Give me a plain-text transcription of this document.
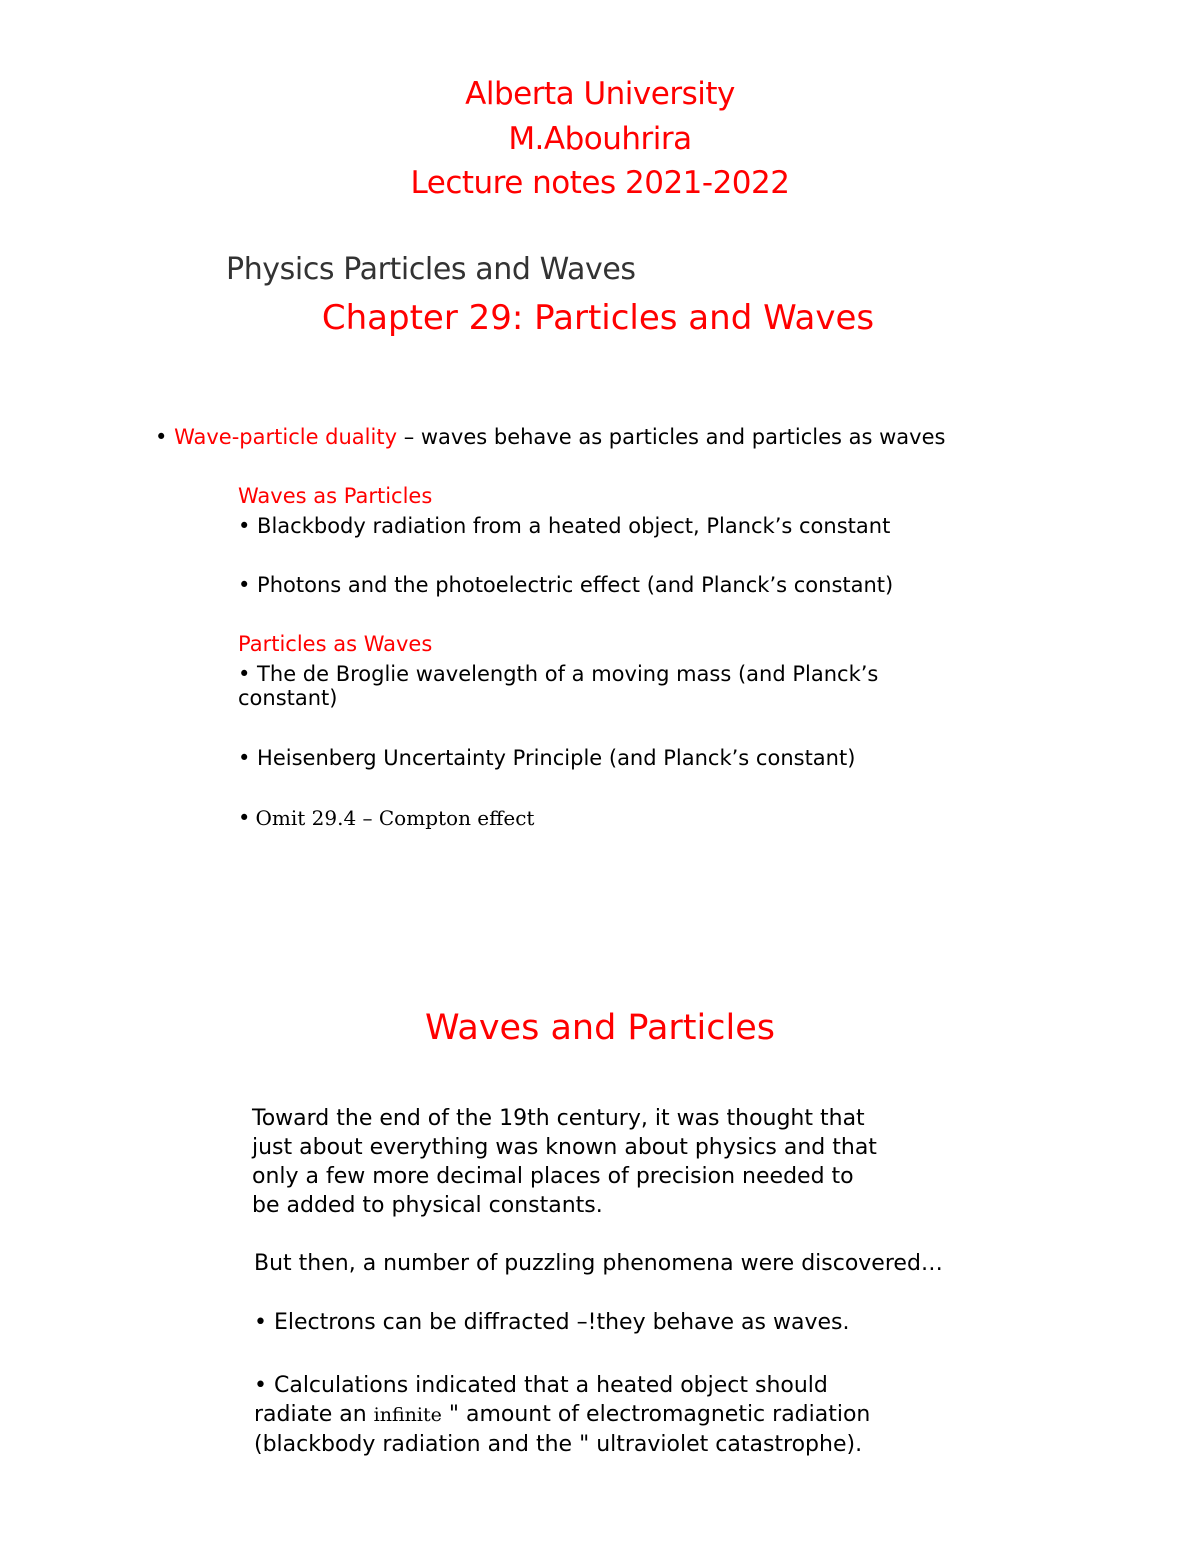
Alberta University
M.Abouhrira
Lecture notes 2021-2022
Physics Particles and Waves
Chapter 29: Particles and Waves
• Wave-particle duality – waves behave as particles and particles as waves
Waves as Particles
• Blackbody radiation from a heated object, Planck’s constant
• Photons and the photoelectric effect (and Planck’s constant)
Particles as Waves
• The de Broglie wavelength of a moving mass (and Planck’s
constant)
• Heisenberg Uncertainty Principle (and Planck’s constant)
• Omit 29.4 – Compton effect
Waves and Particles
Toward the end of the 19th century, it was thought that
just about everything was known about physics and that
only a few more decimal places of precision needed to
be added to physical constants.
But then, a number of puzzling phenomena were discovered…
• Electrons can be diffracted –!they behave as waves.
• Calculations indicated that a heated object should
radiate an infinite " amount of electromagnetic radiation
(blackbody radiation and the " ultraviolet catastrophe).
